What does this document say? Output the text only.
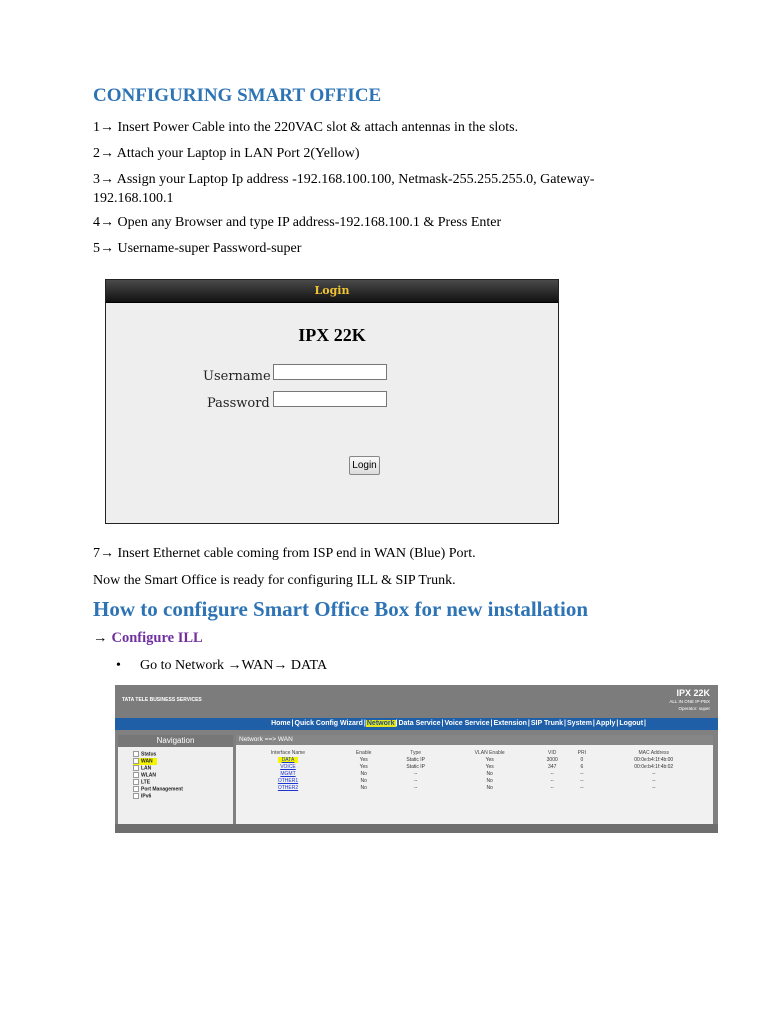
CONFIGURING SMART OFFICE
1→ Insert Power Cable into the 220VAC slot & attach antennas in the slots.
2→ Attach your Laptop in LAN Port 2(Yellow)
3→ Assign your Laptop Ip address -192.168.100.100, Netmask-255.255.255.0, Gateway-192.168.100.1
4→ Open any Browser and type IP address-192.168.100.1 & Press Enter
5→ Username-super Password-super
Login
IPX 22K
Username
Password
Login
7→ Insert Ethernet cable coming from ISP end in WAN (Blue) Port.
Now the Smart Office is ready for configuring ILL & SIP Trunk.
How to configure Smart Office Box for new installation
→ Configure ILL
• Go to Network →WAN→ DATA
TATA TELE BUSINESS SERVICES
IPX 22K
ALL IN ONE IP-PBX
Operator: super
Home|Quick Config Wizard|Network|Data Service|Voice Service|Extension|SIP Trunk|System|Apply|Logout|
Navigation
Status
WAN
LAN
WLAN
LTE
Port Management
IPv6
Network ==> WAN
Interface Name	Enable	Type	VLAN Enable	VID	PRI	MAC Address
DATA	Yes	Static IP	Yes	3000	0	00:0e:b4:1f:4b:00
VOICE	Yes	Static IP	Yes	347	6	00:0e:b4:1f:4b:02
MGMT	No	--	No	--	--	--
OTHER1	No	--	No	--	--	--
OTHER2	No	--	No	--	--	--
